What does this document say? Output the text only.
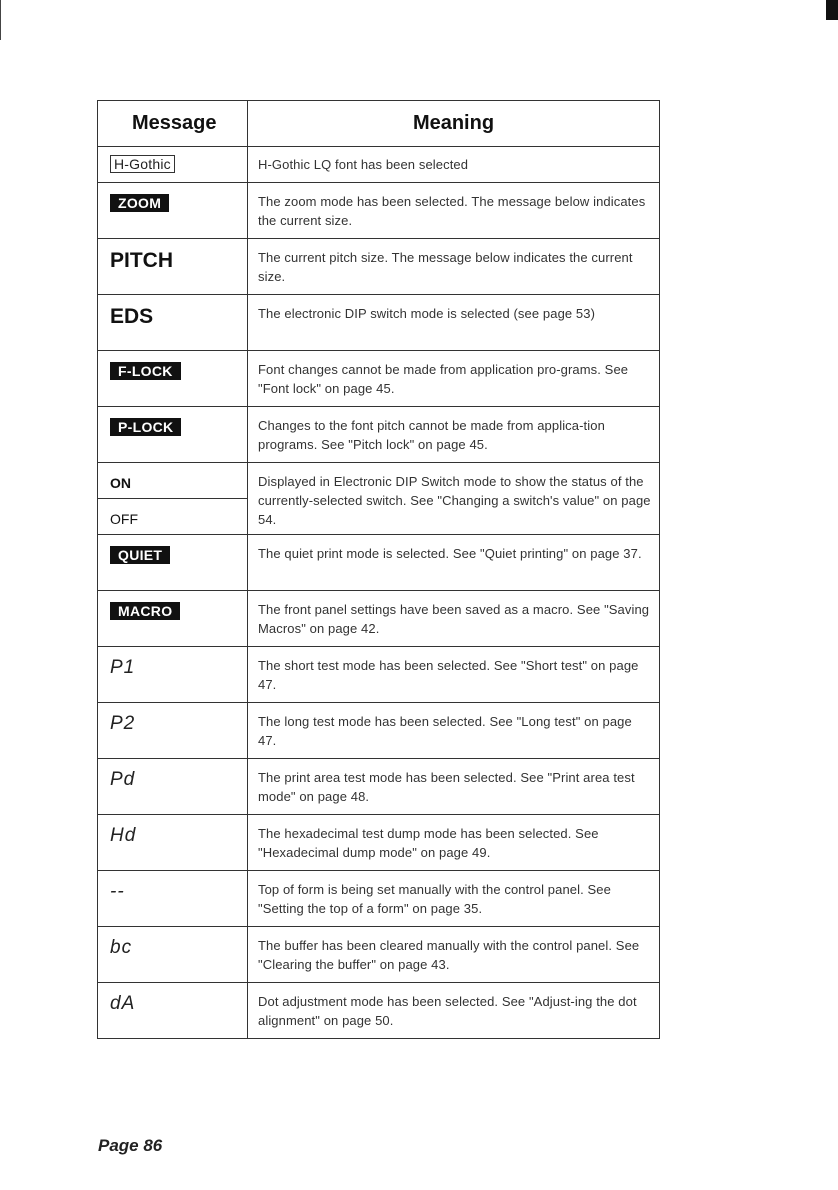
Message	Meaning
H-Gothic	H-Gothic LQ font has been selected
ZOOM	The zoom mode has been selected. The message below indicates the current size.
PITCH	The current pitch size. The message below indicates the current size.
EDS	The electronic DIP switch mode is selected (see page 53)
F-LOCK	Font changes cannot be made from application pro-grams. See "Font lock" on page 45.
P-LOCK	Changes to the font pitch cannot be made from applica-tion programs. See "Pitch lock" on page 45.
ON	Displayed in Electronic DIP Switch mode to show the status of the currently-selected switch. See "Changing a switch's value" on page 54.
OFF	
QUIET	The quiet print mode is selected. See "Quiet printing" on page 37.
MACRO	The front panel settings have been saved as a macro. See "Saving Macros" on page 42.
P1	The short test mode has been selected. See "Short test" on page 47.
P2	The long test mode has been selected. See "Long test" on page 47.
Pd	The print area test mode has been selected. See "Print area test mode" on page 48.
Hd	The hexadecimal test dump mode has been selected. See "Hexadecimal dump mode" on page 49.
--	Top of form is being set manually with the control panel. See "Setting the top of a form" on page 35.
bc	The buffer has been cleared manually with the control panel. See "Clearing the buffer" on page 43.
dA	Dot adjustment mode has been selected. See "Adjust-ing the dot alignment" on page 50.
Page 86
